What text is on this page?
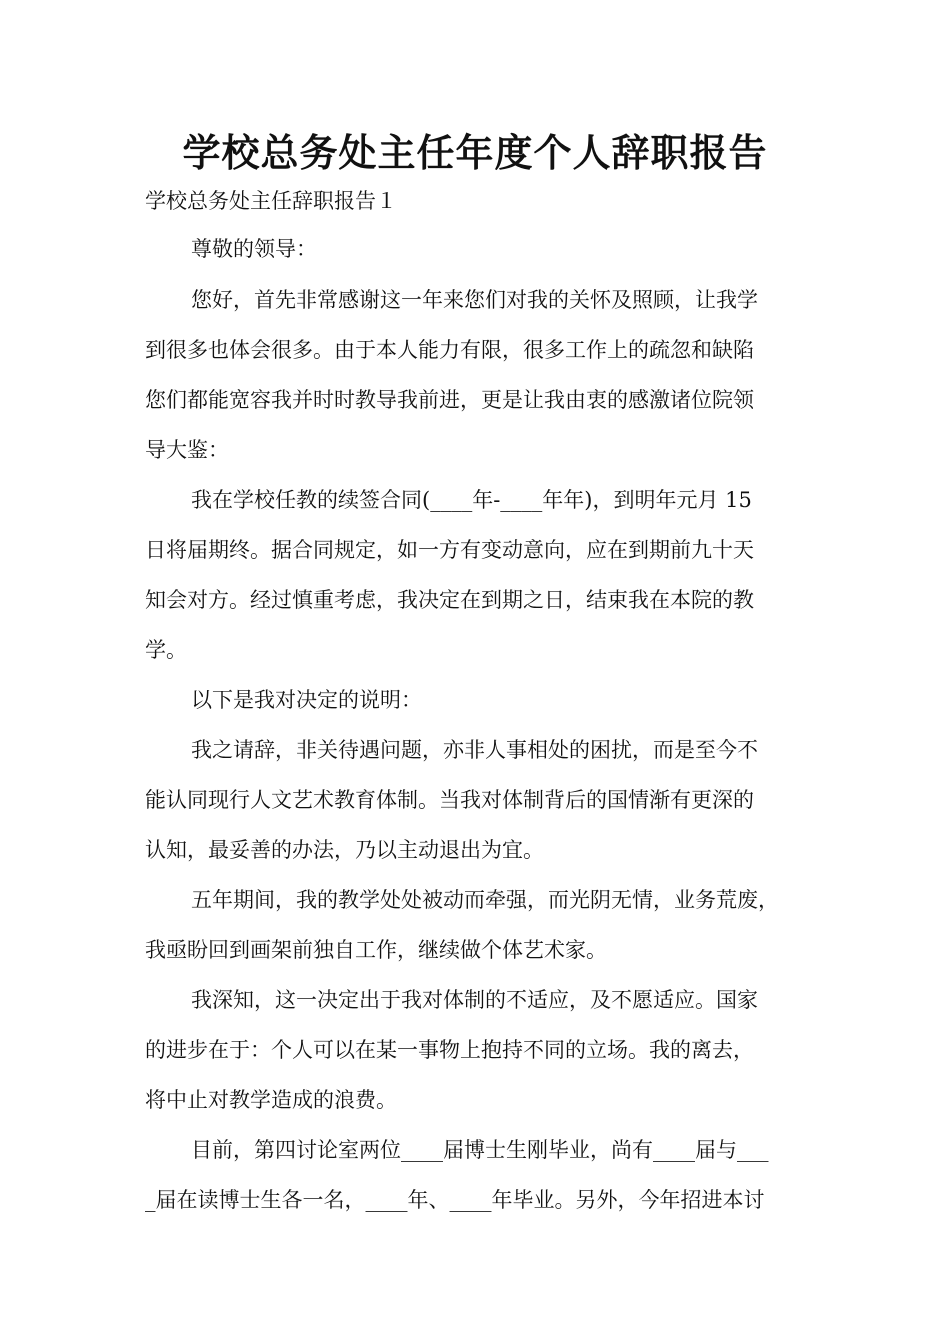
学校总务处主任年度个人辞职报告

学校总务处主任辞职报告１

尊敬的领导：

您好，首先非常感谢这一年来您们对我的关怀及照顾，让我学
到很多也体会很多。由于本人能力有限，很多工作上的疏忽和缺陷
您们都能宽容我并时时教导我前进，更是让我由衷的感激诸位院领
导大鉴：

我在学校任教的续签合同(____年-____年年)，到明年元月 15
日将届期终。据合同规定，如一方有变动意向，应在到期前九十天
知会对方。经过慎重考虑，我决定在到期之日，结束我在本院的教
学。

以下是我对决定的说明：

我之请辞，非关待遇问题，亦非人事相处的困扰，而是至今不
能认同现行人文艺术教育体制。当我对体制背后的国情渐有更深的
认知，最妥善的办法，乃以主动退出为宜。

五年期间，我的教学处处被动而牵强，而光阴无情，业务荒废，
我亟盼回到画架前独自工作，继续做个体艺术家。

我深知，这一决定出于我对体制的不适应，及不愿适应。国家
的进步在于：个人可以在某一事物上抱持不同的立场。我的离去，
将中止对教学造成的浪费。

目前，第四讨论室两位____届博士生刚毕业，尚有____届与___
_届在读博士生各一名，____年、____年毕业。另外，今年招进本讨
